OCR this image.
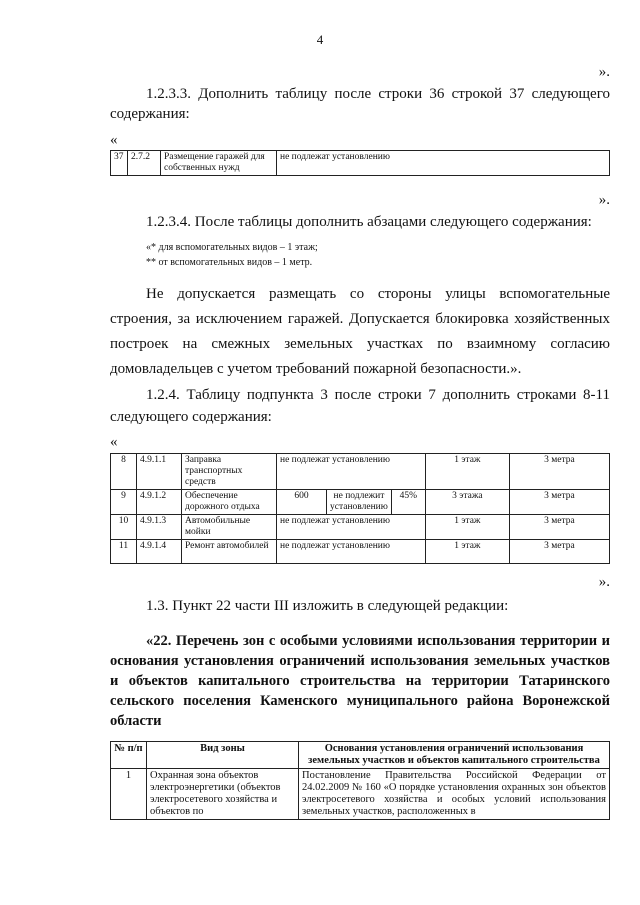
4
».
1.2.3.3. Дополнить таблицу после строки 36 строкой 37 следующего содержания:
«
37	2.7.2	Размещение гаражей для собственных нужд	не подлежат установлению
».
1.2.3.4. После таблицы дополнить абзацами следующего содержания:
«* для вспомогательных видов – 1 этаж;
** от вспомогательных видов – 1 метр.
Не допускается размещать со стороны улицы вспомогательные строения, за исключением гаражей. Допускается блокировка хозяйственных построек на смежных земельных участках по взаимному согласию домовладельцев с учетом требований пожарной безопасности.».
1.2.4. Таблицу подпункта 3 после строки 7 дополнить строками 8-11 следующего содержания:
«
8	4.9.1.1	Заправка транспортных средств	не подлежат установлению			1 этаж	3 метра
9	4.9.1.2	Обеспечение дорожного отдыха	600	не подлежит установлению	45%	3 этажа	3 метра
10	4.9.1.3	Автомобильные мойки	не подлежат установлению			1 этаж	3 метра
11	4.9.1.4	Ремонт автомобилей	не подлежат установлению			1 этаж	3 метра
».
1.3. Пункт 22 части III изложить в следующей редакции:
«22. Перечень зон с особыми условиями использования территории и основания установления ограничений использования земельных участков и объектов капитального строительства на территории Татаринского сельского поселения Каменского муниципального района Воронежской области
№ п/п	Вид зоны	Основания установления ограничений использования земельных участков и объектов капитального строительства
1	Охранная зона объектов электроэнергетики (объектов электросетевого хозяйства и объектов по	Постановление Правительства Российской Федерации от 24.02.2009 № 160 «О порядке установления охранных зон объектов электросетевого хозяйства и особых условий использования земельных участков, расположенных в
